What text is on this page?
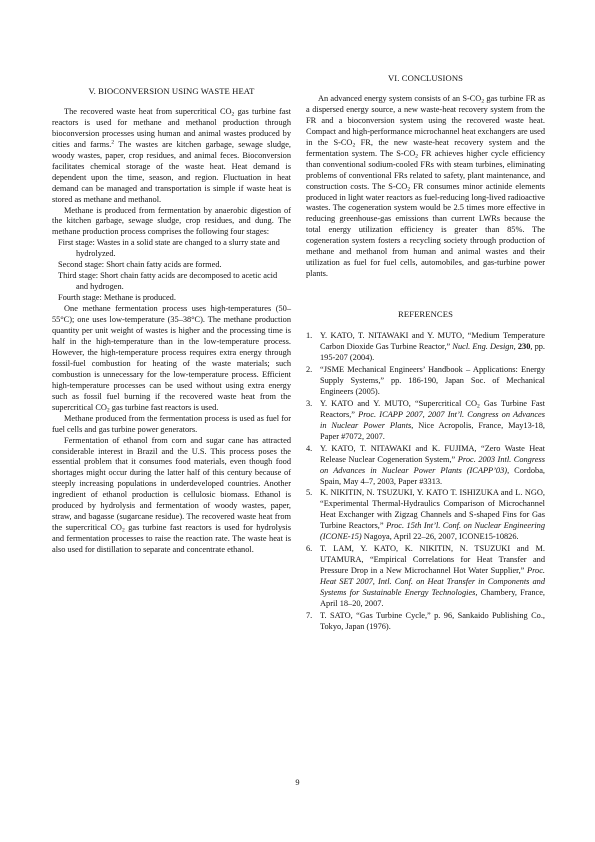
V. BIOCONVERSION USING WASTE HEAT

The recovered waste heat from supercritical $CO_2$ gas turbine fast reactors is used for methane and methanol production through bioconversion processes using human and animal wastes produced by cities and farms.$^2$ The wastes are kitchen garbage, sewage sludge, woody wastes, paper, crop residues, and animal feces. Bioconversion facilitates chemical storage of the waste heat. Heat demand is dependent upon the time, season, and region. Fluctuation in heat demand can be managed and transportation is simple if waste heat is stored as methane and methanol.

Methane is produced from fermentation by anaerobic digestion of the kitchen garbage, sewage sludge, crop residues, and dung. The methane production process comprises the following four stages:

First stage: Wastes in a solid state are changed to a slurry state and hydrolyzed.

Second stage: Short chain fatty acids are formed.

Third stage: Short chain fatty acids are decomposed to acetic acid and hydrogen.

Fourth stage: Methane is produced.

One methane fermentation process uses high-temperatures (50–55°C); one uses low-temperature (35–38°C). The methane production quantity per unit weight of wastes is higher and the processing time is half in the high-temperature than in the low-temperature process. However, the high-temperature process requires extra energy through fossil-fuel combustion for heating of the waste materials; such combustion is unnecessary for the low-temperature process. Efficient high-temperature processes can be used without using extra energy such as fossil fuel burning if the recovered waste heat from the supercritical $CO_2$ gas turbine fast reactors is used.

Methane produced from the fermentation process is used as fuel for fuel cells and gas turbine power generators.

Fermentation of ethanol from corn and sugar cane has attracted considerable interest in Brazil and the U.S. This process poses the essential problem that it consumes food materials, even though food shortages might occur during the latter half of this century because of steeply increasing populations in underdeveloped countries. Another ingredient of ethanol production is cellulosic biomass. Ethanol is produced by hydrolysis and fermentation of woody wastes, paper, straw, and bagasse (sugarcane residue). The recovered waste heat from the supercritical $CO_2$ gas turbine fast reactors is used for hydrolysis and fermentation processes to raise the reaction rate. The waste heat is also used for distillation to separate and concentrate ethanol.

VI. CONCLUSIONS

An advanced energy system consists of an $S-CO_2$ gas turbine FR as a dispersed energy source, a new waste-heat recovery system from the FR and a bioconversion system using the recovered waste heat. Compact and high-performance microchannel heat exchangers are used in the $S-CO_2$ FR, the new waste-heat recovery system and the fermentation system. The $S-CO_2$ FR achieves higher cycle efficiency than conventional sodium-cooled FRs with steam turbines, eliminating problems of conventional FRs related to safety, plant maintenance, and construction costs. The $S-CO_2$ FR consumes minor actinide elements produced in light water reactors as fuel-reducing long-lived radioactive wastes. The cogeneration system would be 2.5 times more effective in reducing greenhouse-gas emissions than current LWRs because the total energy utilization efficiency is greater than 85%. The cogeneration system fosters a recycling society through production of methane and methanol from human and animal wastes and their utilization as fuel for fuel cells, automobiles, and gas-turbine power plants.

REFERENCES
1. Y. KATO, T. NITAWAKI and Y. MUTO, “Medium Temperature Carbon Dioxide Gas Turbine Reactor,” Nucl. Eng. Design, 230, pp. 195-207 (2004).
2. “JSME Mechanical Engineers’ Handbook – Applications: Energy Supply Systems,” pp. 186-190, Japan Soc. of Mechanical Engineers (2005).
3. Y. KATO and Y. MUTO, “Supercritical $CO_2$ Gas Turbine Fast Reactors,” Proc. ICAPP 2007, 2007 Int’l. Congress on Advances in Nuclear Power Plants, Nice Acropolis, France, May13-18, Paper #7072, 2007.
4. Y. KATO, T. NITAWAKI and K. FUJIMA, “Zero Waste Heat Release Nuclear Cogeneration System,” Proc. 2003 Intl. Congress on Advances in Nuclear Power Plants (ICAPP’03), Cordoba, Spain, May 4–7, 2003, Paper #3313.
5. K. NIKITIN, N. TSUZUKI, Y. KATO T. ISHIZUKA and L. NGO, “Experimental Thermal-Hydraulics Comparison of Microchannel Heat Exchanger with Zigzag Channels and S-shaped Fins for Gas Turbine Reactors,” Proc. 15th Int’l. Conf. on Nuclear Engineering (ICONE-15) Nagoya, April 22–26, 2007, ICONE15-10826.
6. T. LAM, Y. KATO, K. NIKITIN, N. TSUZUKI and M. UTAMURA, “Empirical Correlations for Heat Transfer and Pressure Drop in a New Microchannel Hot Water Supplier,” Proc. Heat SET 2007, Intl. Conf. on Heat Transfer in Components and Systems for Sustainable Energy Technologies, Chambery, France, April 18–20, 2007.
7. T. SATO, “Gas Turbine Cycle,” p. 96, Sankaido Publishing Co., Tokyo, Japan (1976).
9
